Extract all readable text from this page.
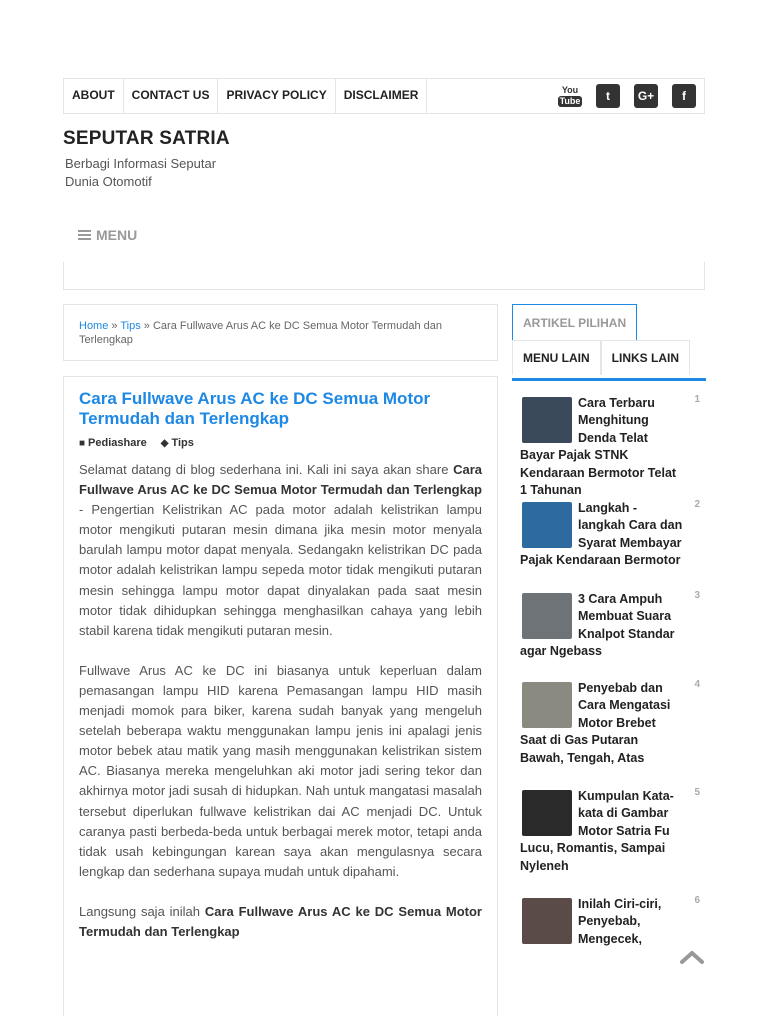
ABOUT	CONTACT US	PRIVACY POLICY	DISCLAIMER	You
Tube t G+ f
SEPUTAR SATRIA
Berbagi Informasi Seputar Dunia Otomotif
MENU
Home » Tips » Cara Fullwave Arus AC ke DC Semua Motor Termudah dan Terlengkap
Cara Fullwave Arus AC ke DC Semua Motor Termudah dan Terlengkap
■ Pediashare ◆ Tips

Selamat datang di blog sederhana ini. Kali ini saya akan share Cara Fullwave Arus AC ke DC Semua Motor Termudah dan Terlengkap - Pengertian Kelistrikan AC pada motor adalah kelistrikan lampu motor mengikuti putaran mesin dimana jika mesin motor menyala barulah lampu motor dapat menyala. Sedangakn kelistrikan DC pada motor adalah kelistrikan lampu sepeda motor tidak mengikuti putaran mesin sehingga lampu motor dapat dinyalakan pada saat mesin motor tidak dihidupkan sehingga menghasilkan cahaya yang lebih stabil karena tidak mengikuti putaran mesin.

Fullwave Arus AC ke DC ini biasanya untuk keperluan dalam pemasangan lampu HID karena Pemasangan lampu HID masih menjadi momok para biker, karena sudah banyak yang mengeluh setelah beberapa waktu menggunakan lampu jenis ini apalagi jenis motor bebek atau matik yang masih menggunakan kelistrikan sistem AC. Biasanya mereka mengeluhkan aki motor jadi sering tekor dan akhirnya motor jadi susah di hidupkan. Nah untuk mangatasi masalah tersebut diperlukan fullwave kelistrikan dai AC menjadi DC. Untuk caranya pasti berbeda-beda untuk berbagai merek motor, tetapi anda tidak usah kebingungan karean saya akan mengulasnya secara lengkap dan sederhana supaya mudah untuk dipahami.

Langsung saja inilah Cara Fullwave Arus AC ke DC Semua Motor Termudah dan Terlengkap

ARTIKEL PILIHAN
MENU LAIN LINKS LAIN
1
Cara Terbaru Menghitung Denda Telat Bayar Pajak STNK Kendaraan Bermotor Telat 1 Tahunan
2
Langkah - langkah Cara dan Syarat Membayar Pajak Kendaraan Bermotor
3
3 Cara Ampuh Membuat Suara Knalpot Standar agar Ngebass
4
Penyebab dan Cara Mengatasi Motor Brebet Saat di Gas Putaran Bawah, Tengah, Atas
5
Kumpulan Kata-kata di Gambar Motor Satria Fu Lucu, Romantis, Sampai Nyleneh
6
Inilah Ciri-ciri, Penyebab, Mengecek,
